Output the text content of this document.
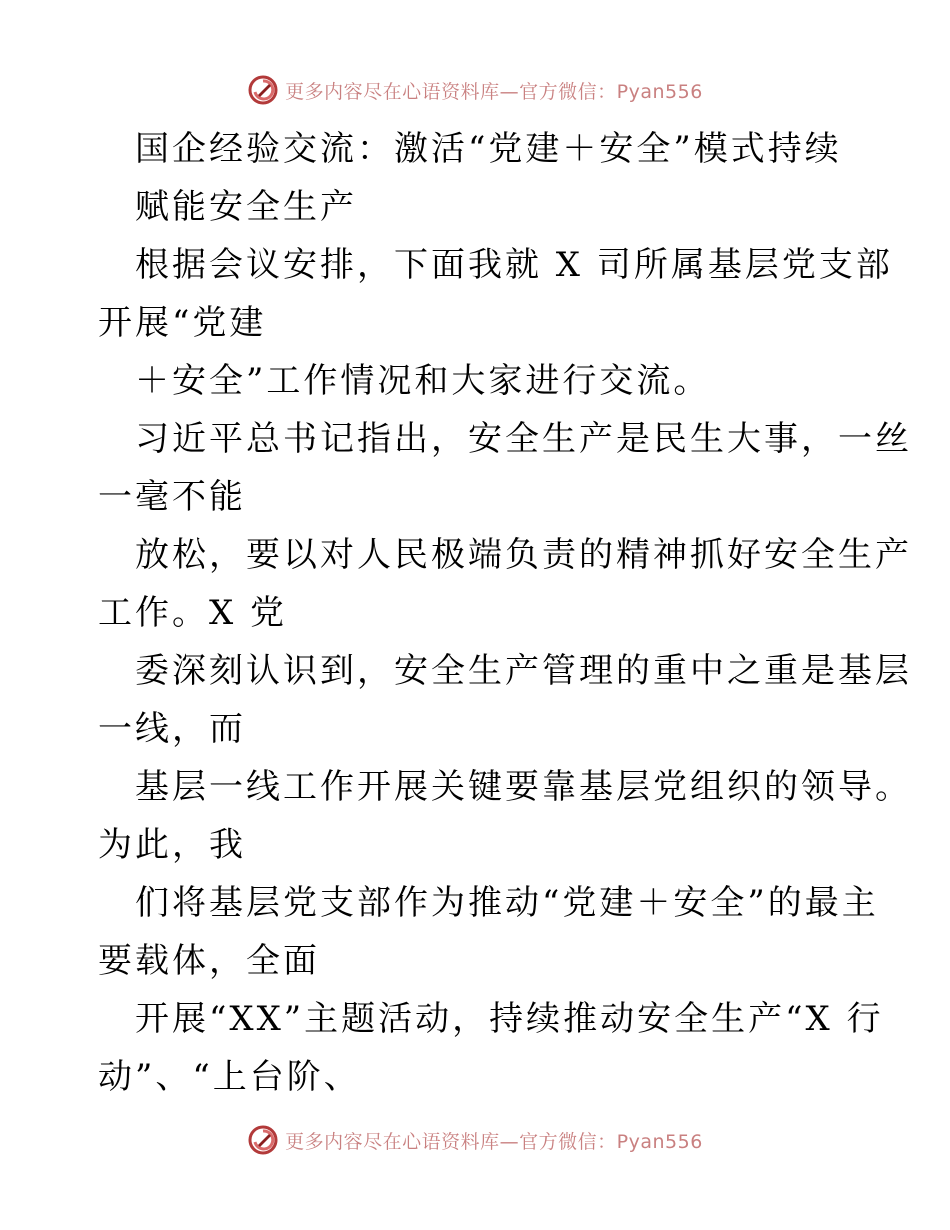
更多内容尽在心语资料库—官方微信：Pyan556
国企经验交流：激活“党建＋安全”模式持续
赋能安全生产
根据会议安排，下面我就 X 司所属基层党支部
开展“党建
＋安全”工作情况和大家进行交流。
习近平总书记指出，安全生产是民生大事，一丝
一毫不能
放松，要以对人民极端负责的精神抓好安全生产
工作。X 党
委深刻认识到，安全生产管理的重中之重是基层
一线，而
基层一线工作开展关键要靠基层党组织的领导。
为此，我
们将基层党支部作为推动“党建＋安全”的最主
要载体，全面
开展“XX”主题活动，持续推动安全生产“X 行
动”、“上台阶、
更多内容尽在心语资料库—官方微信：Pyan556
